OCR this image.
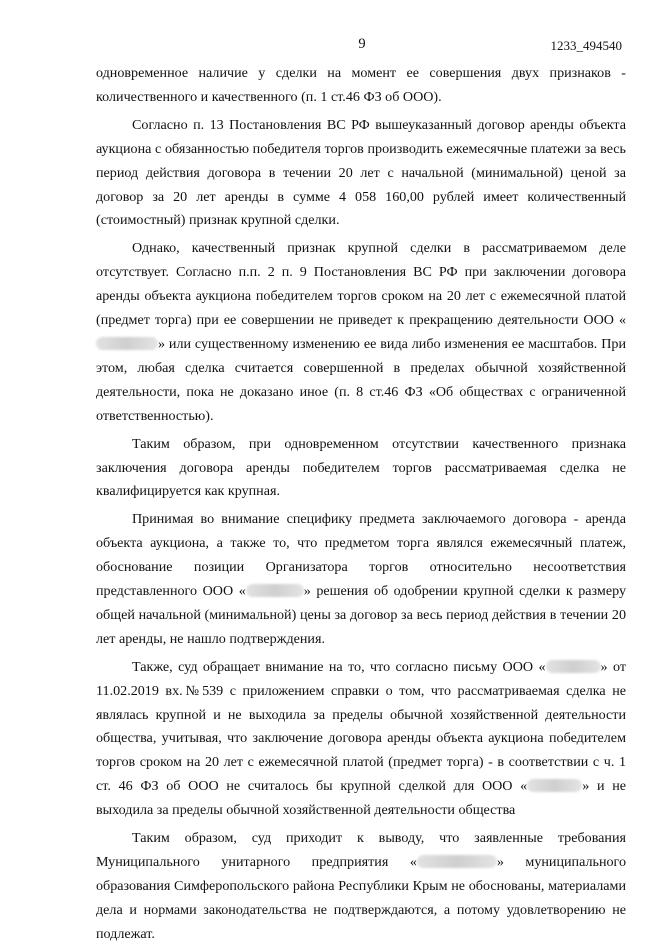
9	1233_494540

одновременное наличие у сделки на момент ее совершения двух признаков - количественного и качественного (п. 1 ст.46 ФЗ об ООО).

Согласно п. 13 Постановления ВС РФ вышеуказанный договор аренды объекта аукциона с обязанностью победителя торгов производить ежемесячные платежи за весь период действия договора в течении 20 лет с начальной (минимальной) ценой за договор за 20 лет аренды в сумме 4 058 160,00 рублей имеет количественный (стоимостный) признак крупной сделки.

Однако, качественный признак крупной сделки в рассматриваемом деле отсутствует. Согласно п.п. 2 п. 9 Постановления ВС РФ при заключении договора аренды объекта аукциона победителем торгов сроком на 20 лет с ежемесячной платой (предмет торга) при ее совершении не приведет к прекращению деятельности ООО «» или существенному изменению ее вида либо изменения ее масштабов. При этом, любая сделка считается совершенной в пределах обычной хозяйственной деятельности, пока не доказано иное (п. 8 ст.46 ФЗ «Об обществах с ограниченной ответственностью).

Таким образом, при одновременном отсутствии качественного признака заключения договора аренды победителем торгов рассматриваемая сделка не квалифицируется как крупная.

Принимая во внимание специфику предмета заключаемого договора - аренда объекта аукциона, а также то, что предметом торга являлся ежемесячный платеж, обоснование позиции Организатора торгов относительно несоответствия представленного ООО «	» решения об одобрении крупной сделки к размеру общей начальной (минимальной) цены за договор за весь период действия в течении 20 лет аренды, не нашло подтверждения.

Также, суд обращает внимание на то, что согласно письму ООО «	» от 11.02.2019 вх.№539 с приложением справки о том, что рассматриваемая сделка не являлась крупной и не выходила за пределы обычной хозяйственной деятельности общества, учитывая, что заключение договора аренды объекта аукциона победителем торгов сроком на 20 лет с ежемесячной платой (предмет торга) - в соответствии с ч. 1 ст. 46 ФЗ об ООО не считалось бы крупной сделкой для ООО «	» и не выходила за пределы обычной хозяйственной деятельности общества

Таким образом, суд приходит к выводу, что заявленные требования Муниципального унитарного предприятия «	» муниципального образования Симферопольского района Республики Крым не обоснованы, материалами дела и нормами законодательства не подтверждаются, а потому удовлетворению не подлежат.
